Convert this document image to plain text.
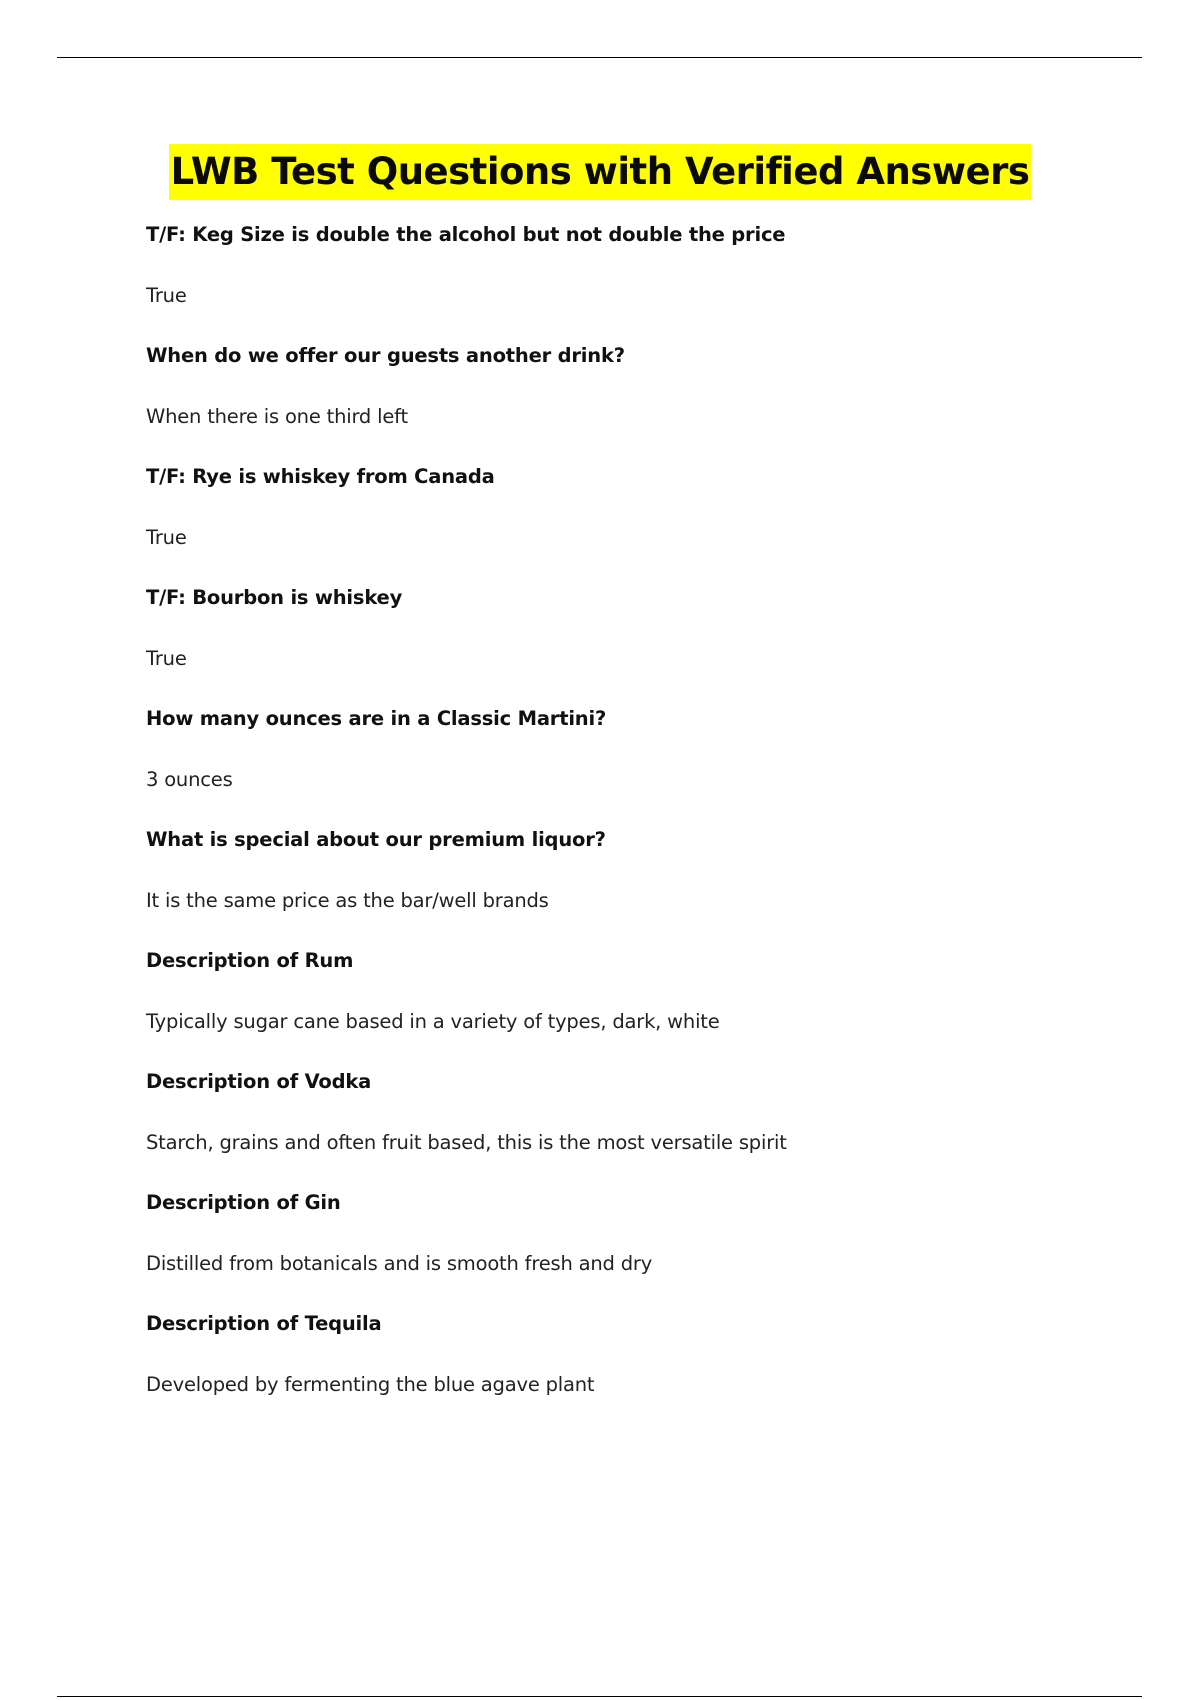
LWB Test Questions with Verified Answers
T/F: Keg Size is double the alcohol but not double the price
True
When do we offer our guests another drink?
When there is one third left
T/F: Rye is whiskey from Canada
True
T/F: Bourbon is whiskey
True
How many ounces are in a Classic Martini?
3 ounces
What is special about our premium liquor?
It is the same price as the bar/well brands
Description of Rum
Typically sugar cane based in a variety of types, dark, white
Description of Vodka
Starch, grains and often fruit based, this is the most versatile spirit
Description of Gin
Distilled from botanicals and is smooth fresh and dry
Description of Tequila
Developed by fermenting the blue agave plant
